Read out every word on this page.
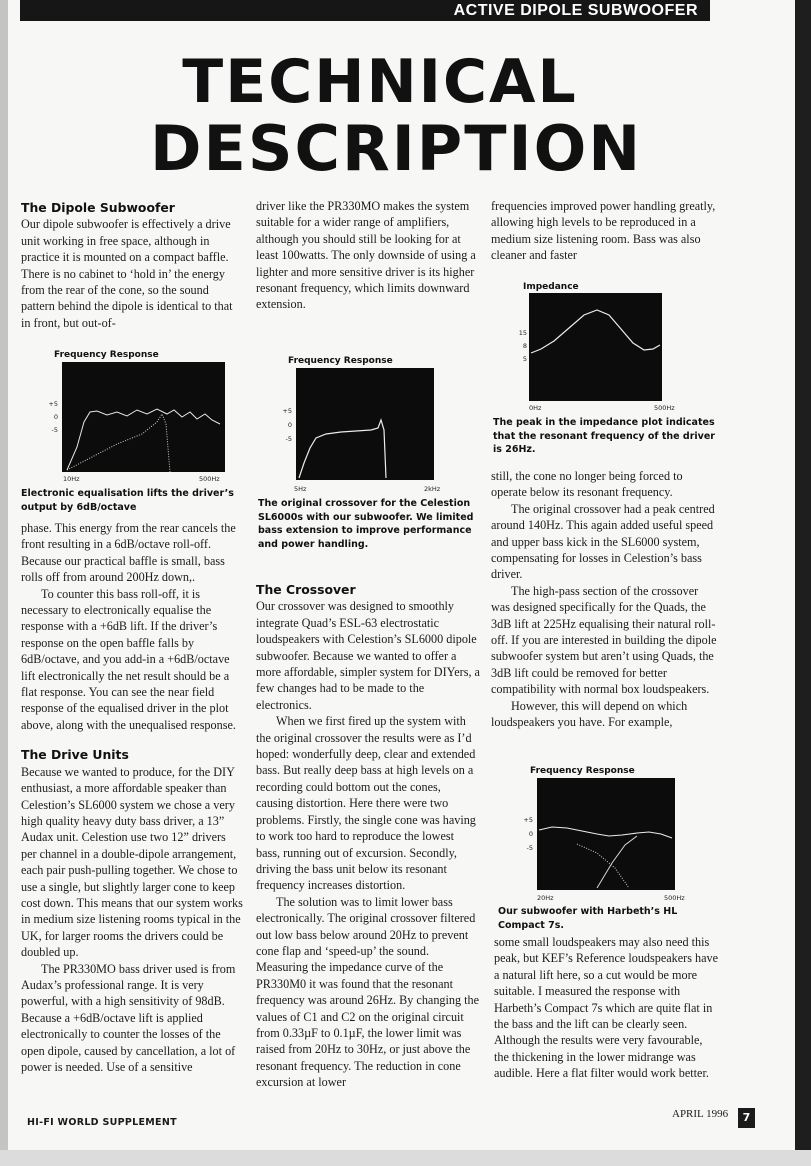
ACTIVE DIPOLE SUBWOOFER
TECHNICAL
DESCRIPTION

The Dipole Subwoofer

Our dipole subwoofer is effectively a drive unit working in free space, although in practice it is mounted on a compact baffle. There is no cabinet to ‘hold in’ the energy from the rear of the cone, so the sound pattern behind the dipole is identical to that in front, but out-of-

Frequency Response
+5
0
-5
10Hz	500Hz
Electronic equalisation lifts the driver’s output by 6dB/octave

phase. This energy from the rear cancels the front resulting in a 6dB/octave roll-off. Because our practical baffle is small, bass rolls off from around 200Hz down,.

To counter this bass roll-off, it is necessary to electronically equalise the response with a +6dB lift. If the driver’s response on the open baffle falls by 6dB/octave, and you add-in a +6dB/octave lift electronically the net result should be a flat response. You can see the near field response of the equalised driver in the plot above, along with the unequalised response.

The Drive Units

Because we wanted to produce, for the DIY enthusiast, a more affordable speaker than Celestion’s SL6000 system we chose a very high quality heavy duty bass driver, a 13” Audax unit. Celestion use two 12” drivers per channel in a double-dipole arrangement, each pair push-pulling together. We chose to use a single, but slightly larger cone to keep cost down. This means that our system works in medium size listening rooms typical in the UK, for larger rooms the drivers could be doubled up.

The PR330MO bass driver used is from Audax’s professional range. It is very powerful, with a high sensitivity of 98dB. Because a +6dB/octave lift is applied electronically to counter the losses of the open dipole, caused by cancellation, a lot of power is needed. Use of a sensitive

driver like the PR330MO makes the system suitable for a wider range of amplifiers, although you should still be looking for at least 100watts. The only downside of using a lighter and more sensitive driver is its higher resonant frequency, which limits downward extension.

Frequency Response
+5
0
-5
5Hz	2kHz
The original crossover for the Celestion SL6000s with our subwoofer. We limited bass extension to improve performance and power handling.

The Crossover

Our crossover was designed to smoothly integrate Quad’s ESL-63 electrostatic loudspeakers with Celestion’s SL6000 dipole subwoofer. Because we wanted to offer a more affordable, simpler system for DIYers, a few changes had to be made to the electronics.

When we first fired up the system with the original crossover the results were as I’d hoped: wonderfully deep, clear and extended bass. But really deep bass at high levels on a recording could bottom out the cones, causing distortion. Here there were two problems. Firstly, the single cone was having to work too hard to reproduce the lowest bass, running out of excursion. Secondly, driving the bass unit below its resonant frequency increases distortion.

The solution was to limit lower bass electronically. The original crossover filtered out low bass below around 20Hz to prevent cone flap and ‘speed-up’ the sound. Measuring the impedance curve of the PR330M0 it was found that the resonant frequency was around 26Hz. By changing the values of C1 and C2 on the original circuit from 0.33µF to 0.1µF, the lower limit was raised from 20Hz to 30Hz, or just above the resonant frequency. The reduction in cone excursion at lower

frequencies improved power handling greatly, allowing high levels to be reproduced in a medium size listening room. Bass was also cleaner and faster

Impedance
15
8
5
0Hz	500Hz
The peak in the impedance plot indicates that the resonant frequency of the driver is 26Hz.

still, the cone no longer being forced to operate below its resonant frequency.

The original crossover had a peak centred around 140Hz. This again added useful speed and upper bass kick in the SL6000 system, compensating for losses in Celestion’s bass driver.

The high-pass section of the crossover was designed specifically for the Quads, the 3dB lift at 225Hz equalising their natural roll-off. If you are interested in building the dipole subwoofer system but aren’t using Quads, the 3dB lift could be removed for better compatibility with normal box loudspeakers.

However, this will depend on which loudspeakers you have. For example,

Frequency Response
+5
0
-5
20Hz	500Hz
Our subwoofer with Harbeth’s HL Compact 7s.

some small loudspeakers may also need this peak, but KEF’s Reference loudspeakers have a natural lift here, so a cut would be more suitable. I measured the response with Harbeth’s Compact 7s which are quite flat in the bass and the lift can be clearly seen. Although the results were very favourable, the thickening in the lower midrange was audible. Here a flat filter would work better.

HI-FI WORLD SUPPLEMENT
APRIL 1996	7
